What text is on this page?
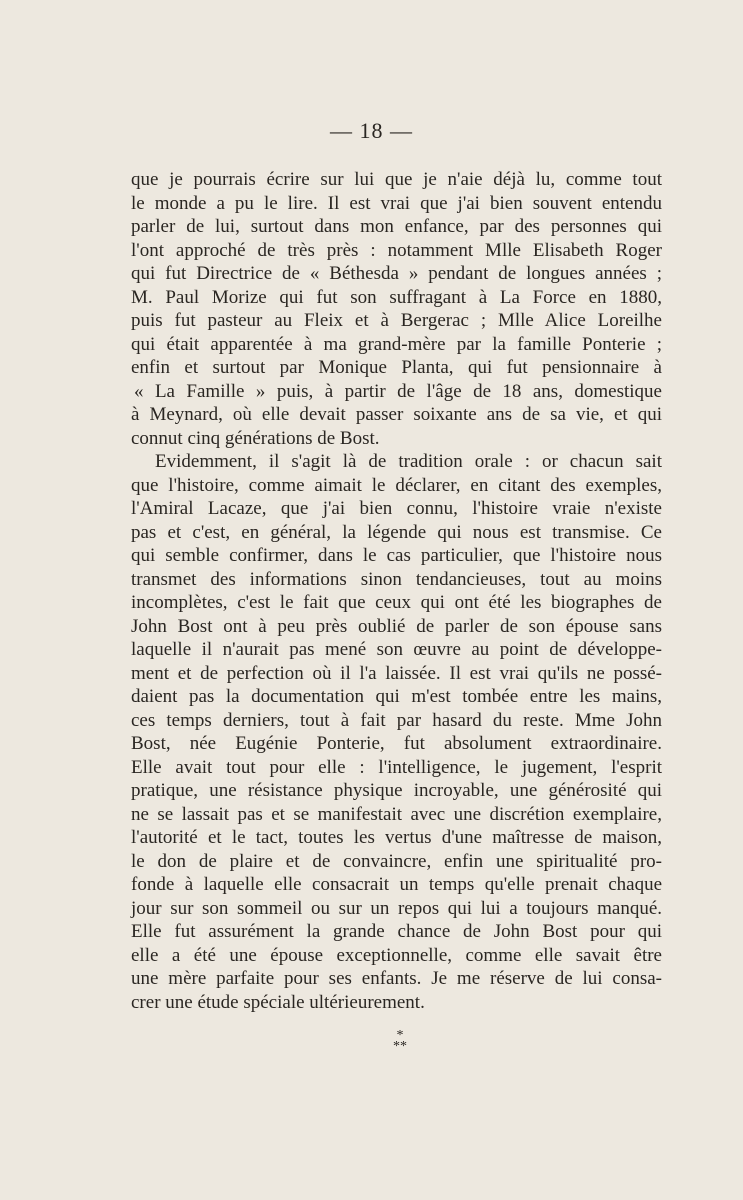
— 18 —
que je pourrais écrire sur lui que je n'aie déjà lu, comme tout
le monde a pu le lire. Il est vrai que j'ai bien souvent entendu
parler de lui, surtout dans mon enfance, par des personnes qui
l'ont approché de très près : notamment Mlle Elisabeth Roger
qui fut Directrice de « Béthesda » pendant de longues années ;
M. Paul Morize qui fut son suffragant à La Force en 1880,
puis fut pasteur au Fleix et à Bergerac ; Mlle Alice Loreilhe
qui était apparentée à ma grand-mère par la famille Ponterie ;
enfin et surtout par Monique Planta, qui fut pensionnaire à
« La Famille » puis, à partir de l'âge de 18 ans, domestique
à Meynard, où elle devait passer soixante ans de sa vie, et qui
connut cinq générations de Bost.
Evidemment, il s'agit là de tradition orale : or chacun sait
que l'histoire, comme aimait le déclarer, en citant des exemples,
l'Amiral Lacaze, que j'ai bien connu, l'histoire vraie n'existe
pas et c'est, en général, la légende qui nous est transmise. Ce
qui semble confirmer, dans le cas particulier, que l'histoire nous
transmet des informations sinon tendancieuses, tout au moins
incomplètes, c'est le fait que ceux qui ont été les biographes de
John Bost ont à peu près oublié de parler de son épouse sans
laquelle il n'aurait pas mené son œuvre au point de développe-
ment et de perfection où il l'a laissée. Il est vrai qu'ils ne possé-
daient pas la documentation qui m'est tombée entre les mains,
ces temps derniers, tout à fait par hasard du reste. Mme John
Bost, née Eugénie Ponterie, fut absolument extraordinaire.
Elle avait tout pour elle : l'intelligence, le jugement, l'esprit
pratique, une résistance physique incroyable, une générosité qui
ne se lassait pas et se manifestait avec une discrétion exemplaire,
l'autorité et le tact, toutes les vertus d'une maîtresse de maison,
le don de plaire et de convaincre, enfin une spiritualité pro-
fonde à laquelle elle consacrait un temps qu'elle prenait chaque
jour sur son sommeil ou sur un repos qui lui a toujours manqué.
Elle fut assurément la grande chance de John Bost pour qui
elle a été une épouse exceptionnelle, comme elle savait être
une mère parfaite pour ses enfants. Je me réserve de lui consa-
crer une étude spéciale ultérieurement.
*
**
